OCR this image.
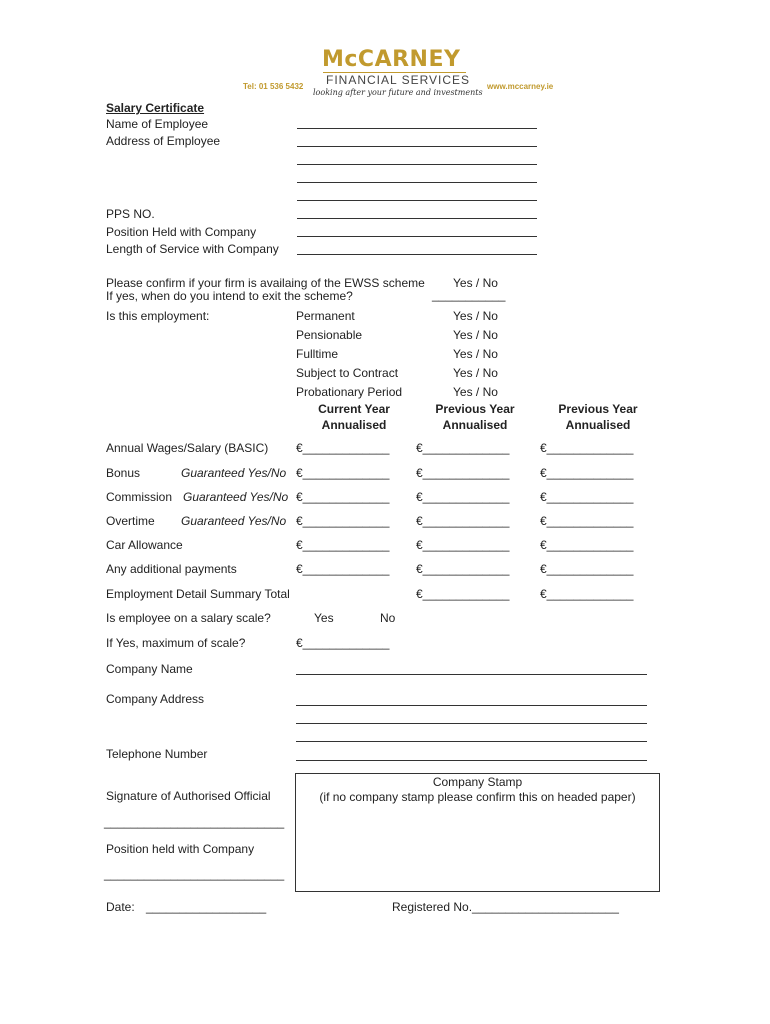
McCARNEY
FINANCIAL SERVICES
looking after your future and investments
Tel: 01 536 5432	www.mccarney.ie
Salary Certificate
Name of Employee
Address of Employee
PPS NO.
Position Held with Company
Length of Service with Company
Please confirm if your firm is availaing of the EWSS scheme Yes / No
If yes, when do you intend to exit the scheme?	___________
Is this employment:	Permanent	Yes / No
Pensionable	Yes / No
Fulltime	Yes / No
Subject to Contract	Yes / No
Probationary Period	Yes / No
Current Year
Annualised
Previous Year
Annualised
Previous Year
Annualised
Annual Wages/Salary (BASIC) €_____________ €_____________	€_____________
Bonus	Guaranteed Yes/No €_____________ €_____________	€_____________
Commission Guaranteed Yes/No €_____________ €_____________	€_____________
Overtime Guaranteed Yes/No €_____________ €_____________	€_____________
Car Allowance	€_____________ €_____________	€_____________
Any additional payments	€_____________ €_____________	€_____________
Employment Detail Summary Total	€_____________	€_____________
Is employee on a salary scale?	Yes	No
If Yes, maximum of scale?	€_____________
Company Name
Company Address
Telephone Number
Company Stamp
(if no company stamp please confirm this on headed paper)
Signature of Authorised Official
___________________________
Position held with Company
___________________________
Date: __________________	Registered No.______________________
